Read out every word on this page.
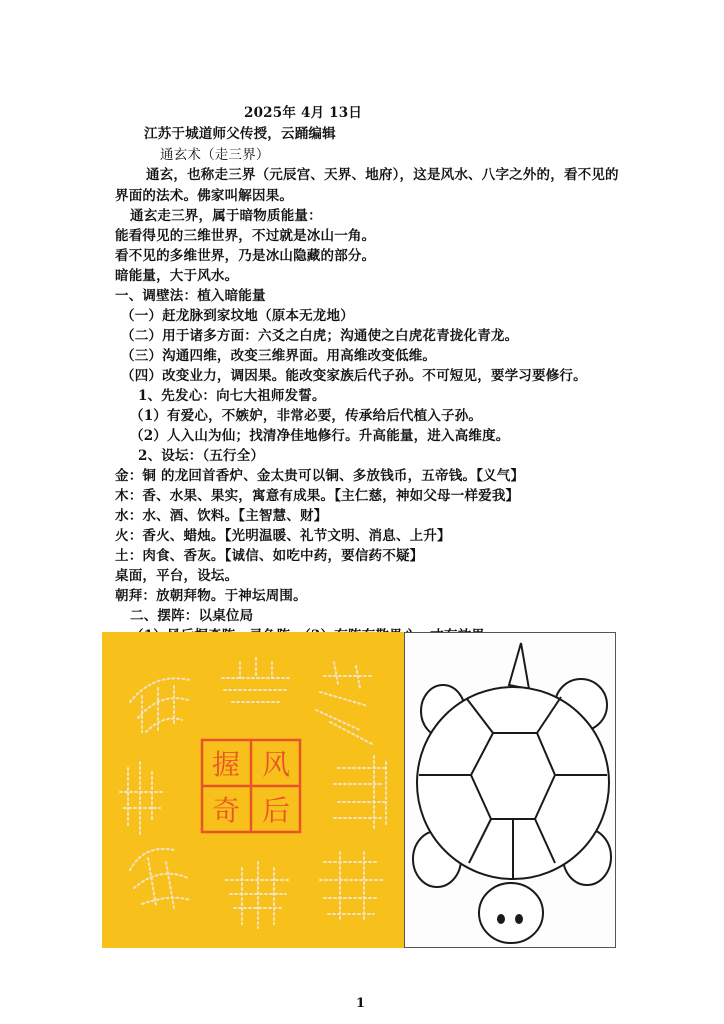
2025年 4月 13日
江苏于城道师父传授，云踊编辑
通玄术（走三界）
通玄，也称走三界（元辰宫、天界、地府），这是风水、八字之外的，看不见的
界面的法术。佛家叫解因果。
通玄走三界，属于暗物质能量：
能看得见的三维世界，不过就是冰山一角。
看不见的多维世界，乃是冰山隐藏的部分。
暗能量，大于风水。
一、调壁法：植入暗能量
（一）赶龙脉到家坟地（原本无龙地）
（二）用于诸多方面：六爻之白虎；沟通使之白虎花青拢化青龙。
（三）沟通四维，改变三维界面。用高维改变低维。
（四）改变业力，调因果。能改变家族后代子孙。不可短见，要学习要修行。
1、先发心：向七大祖师发誓。
（1）有爱心，不嫉妒，非常必要，传承给后代植入子孙。
（2）人入山为仙；找清净佳地修行。升高能量，进入高维度。
2、设坛：（五行全）
金：铜 的龙回首香炉、金太贵可以铜、多放钱币，五帝钱。【义气】
木：香、水果、果实，寓意有成果。【主仁慈，神如父母一样爱我】
水：水、酒、饮料。【主智慧、财】
火：香火、蜡烛。【光明温暖、礼节文明、消息、上升】
土：肉食、香灰。【诚信、如吃中药，要信药不疑】
桌面，平台，设坛。
朝拜：放朝拜物。于神坛周围。
二、摆阵：以桌位局
握 风
奇 后
1
